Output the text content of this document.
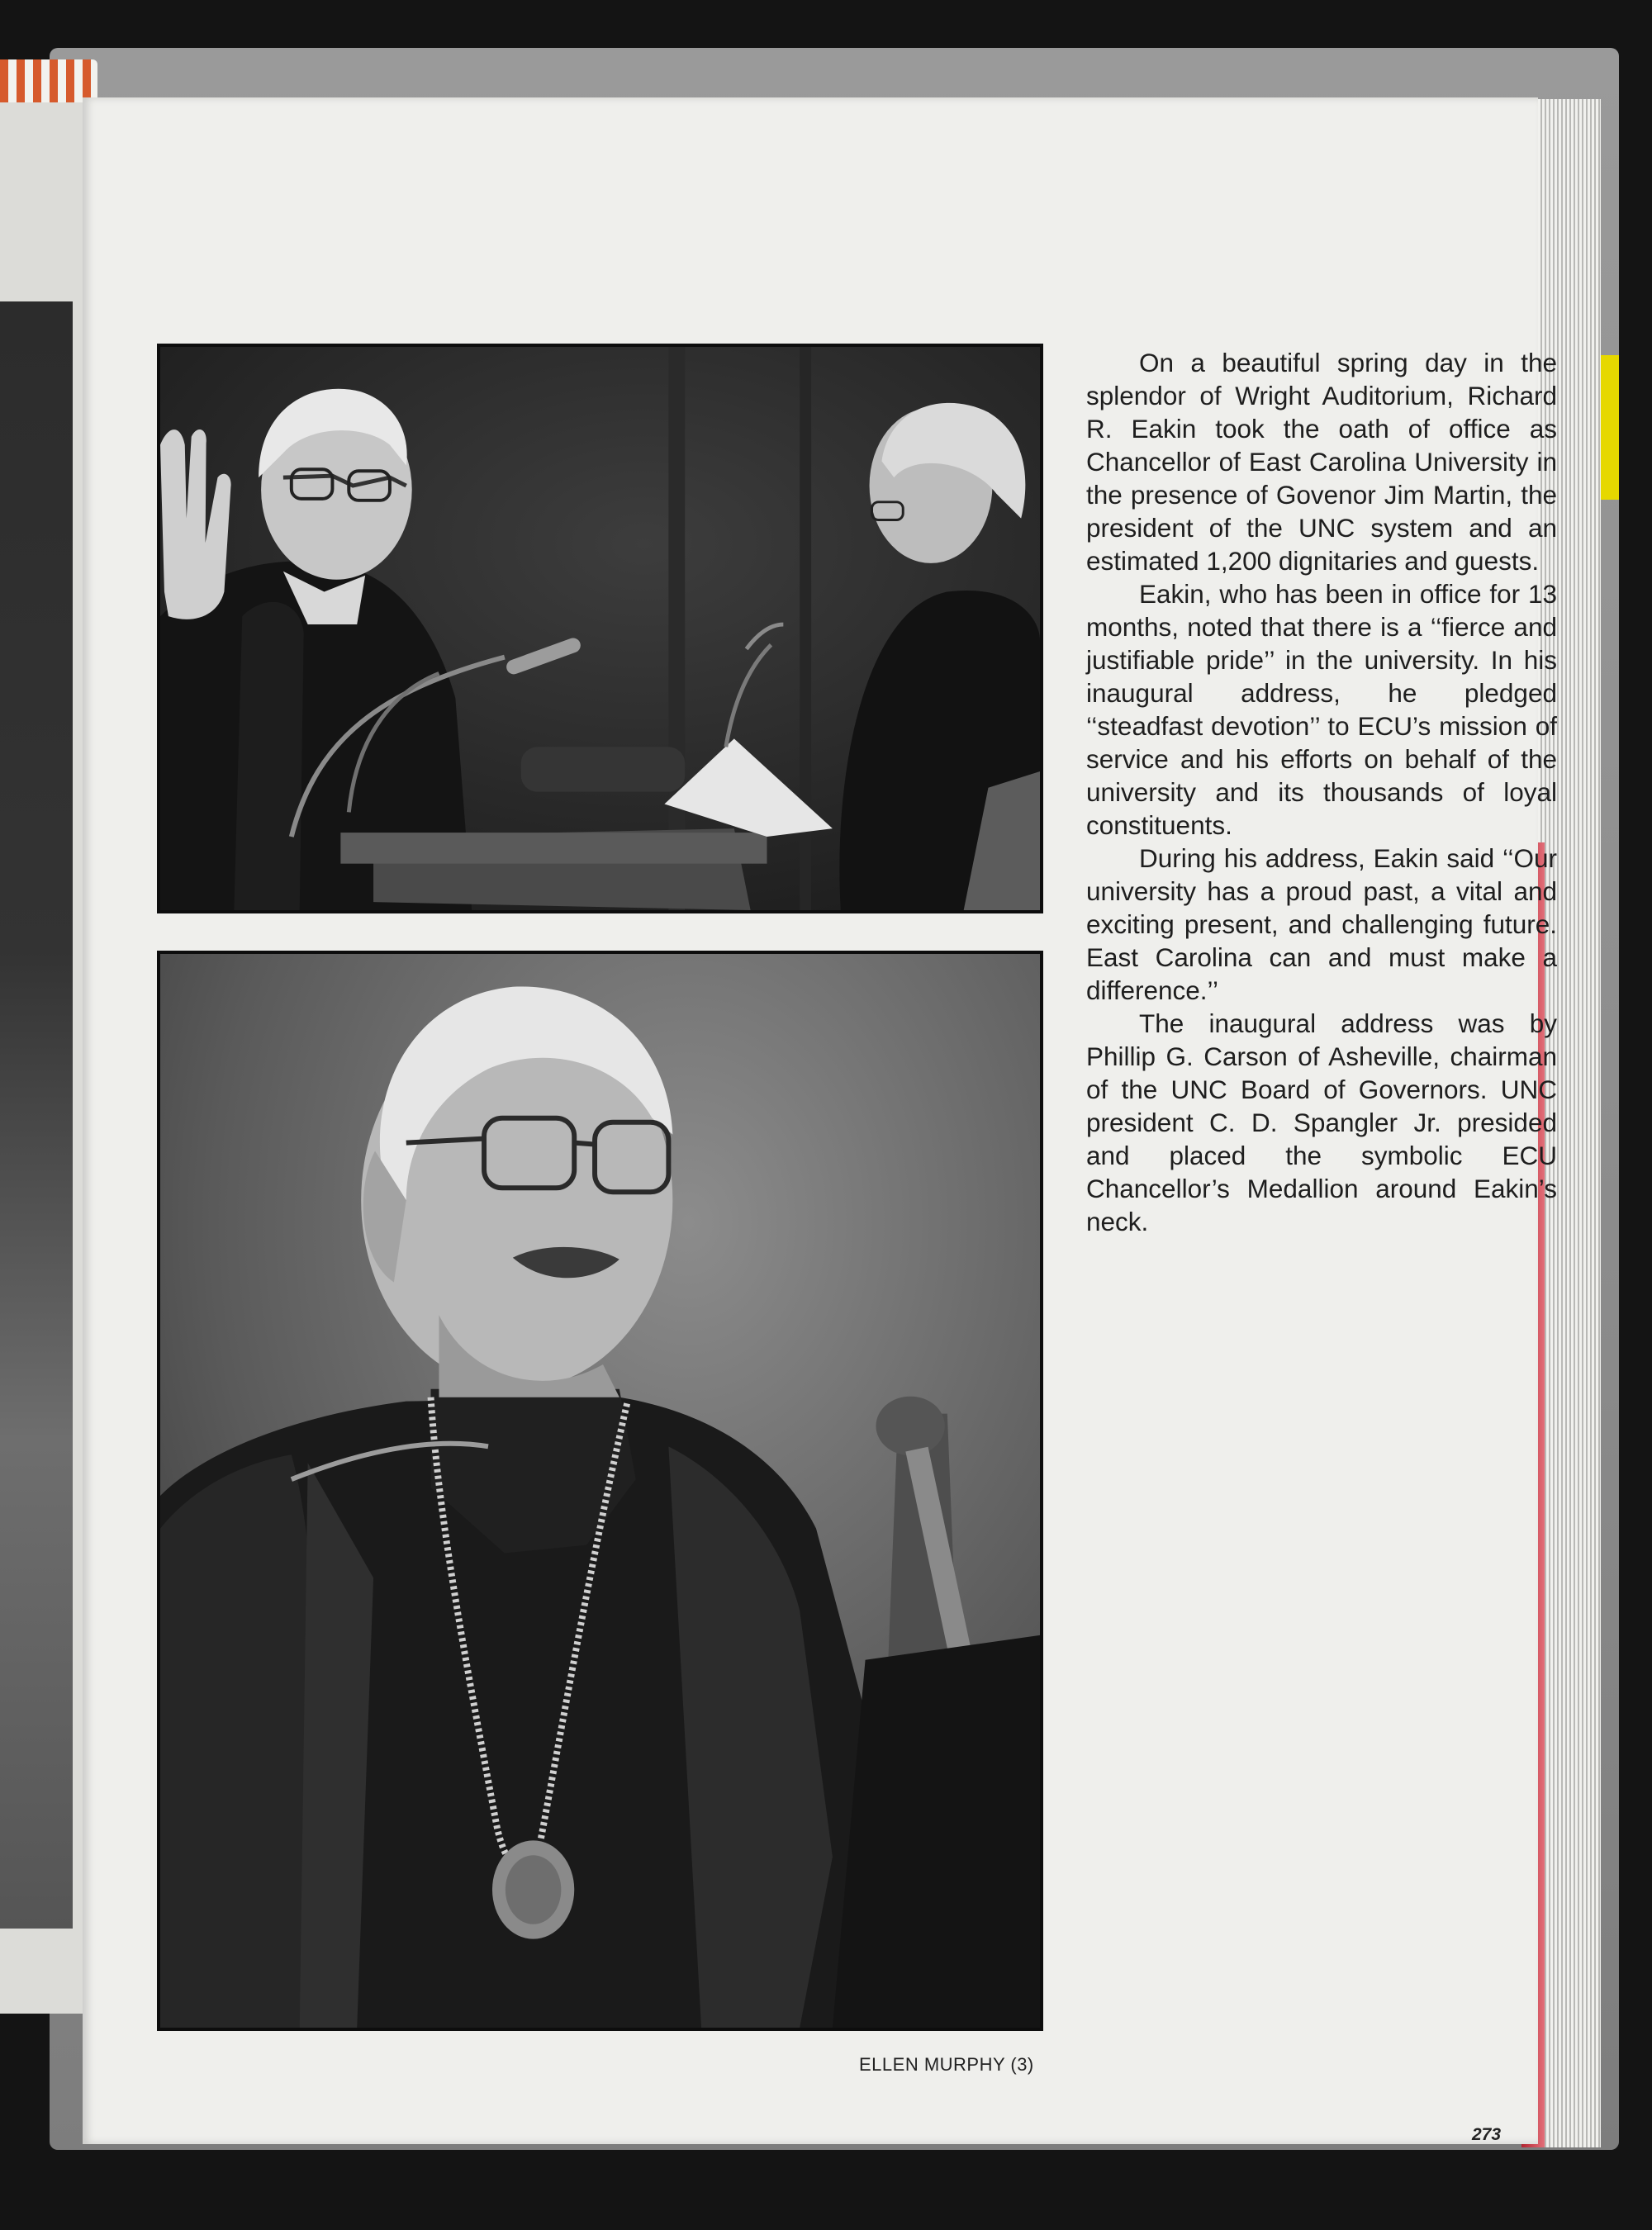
On a beautiful spring day in the splendor of Wright Auditorium, Richard R. Eakin took the oath of office as Chancellor of East Carolina University in the presence of Govenor Jim Martin, the president of the UNC system and an estimated 1,200 dignitaries and guests.

Eakin, who has been in office for 13 months, noted that there is a ‘‘fierce and justifiable pride’’ in the university. In his inaugural address, he pledged ‘‘steadfast devotion’’ to ECU’s mission of service and his efforts on behalf of the university and its thousands of loyal constituents.

During his address, Eakin said ‘‘Our university has a proud past, a vital and exciting present, and challenging future. East Carolina can and must make a difference.’’

The inaugural address was by Phillip G. Carson of Asheville, chairman of the UNC Board of Governors. UNC president C. D. Spangler Jr. presided and placed the symbolic ECU Chancellor’s Medallion around Eakin’s neck.

ELLEN MURPHY (3)
273
